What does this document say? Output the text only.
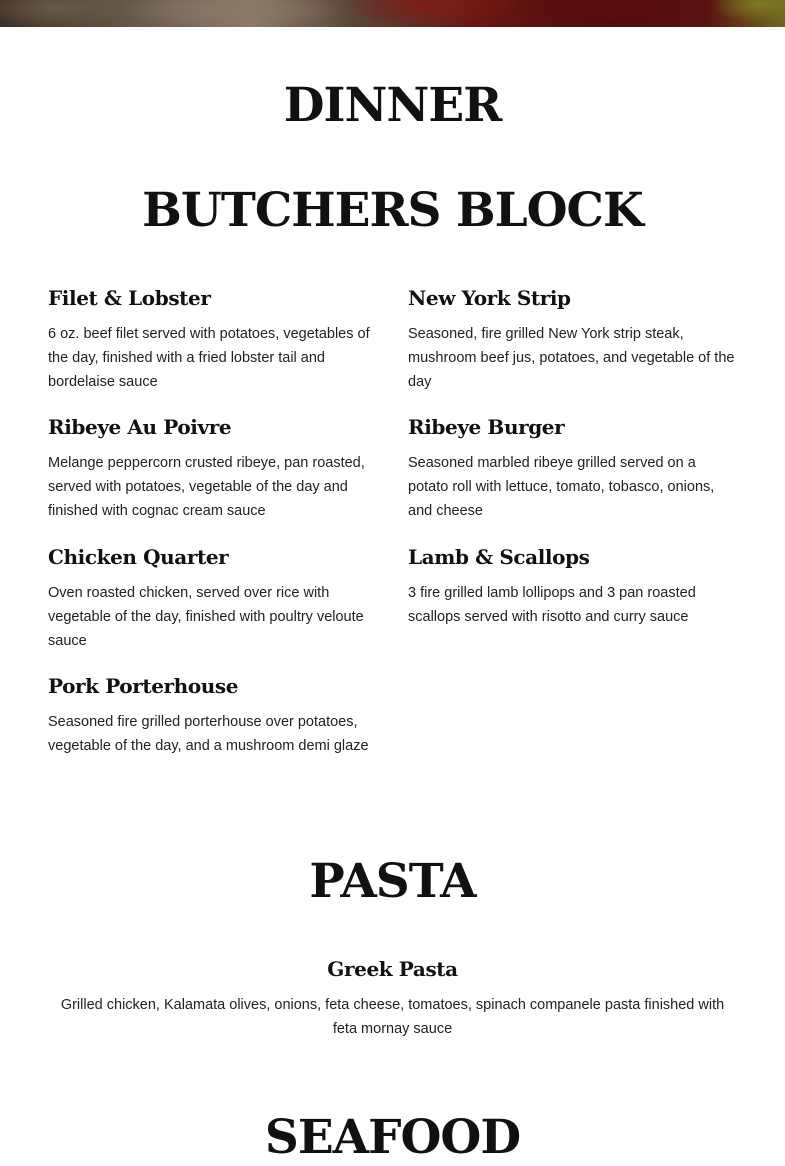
DINNER
BUTCHERS BLOCK
Filet & Lobster
6 oz. beef filet served with potatoes, vegetables of the day, finished with a fried lobster tail and bordelaise sauce
New York Strip
Seasoned, fire grilled New York strip steak, mushroom beef jus, potatoes, and vegetable of the day
Ribeye Au Poivre
Melange peppercorn crusted ribeye, pan roasted, served with potatoes, vegetable of the day and finished with cognac cream sauce
Ribeye Burger
Seasoned marbled ribeye grilled served on a potato roll with lettuce, tomato, tobasco, onions, and cheese
Chicken Quarter
Oven roasted chicken, served over rice with vegetable of the day, finished with poultry veloute sauce
Lamb & Scallops
3 fire grilled lamb lollipops and 3 pan roasted scallops served with risotto and curry sauce
Pork Porterhouse
Seasoned fire grilled porterhouse over potatoes, vegetable of the day, and a mushroom demi glaze
PASTA
Greek Pasta
Grilled chicken, Kalamata olives, onions, feta cheese, tomatoes, spinach companele pasta finished with feta mornay sauce
SEAFOOD
